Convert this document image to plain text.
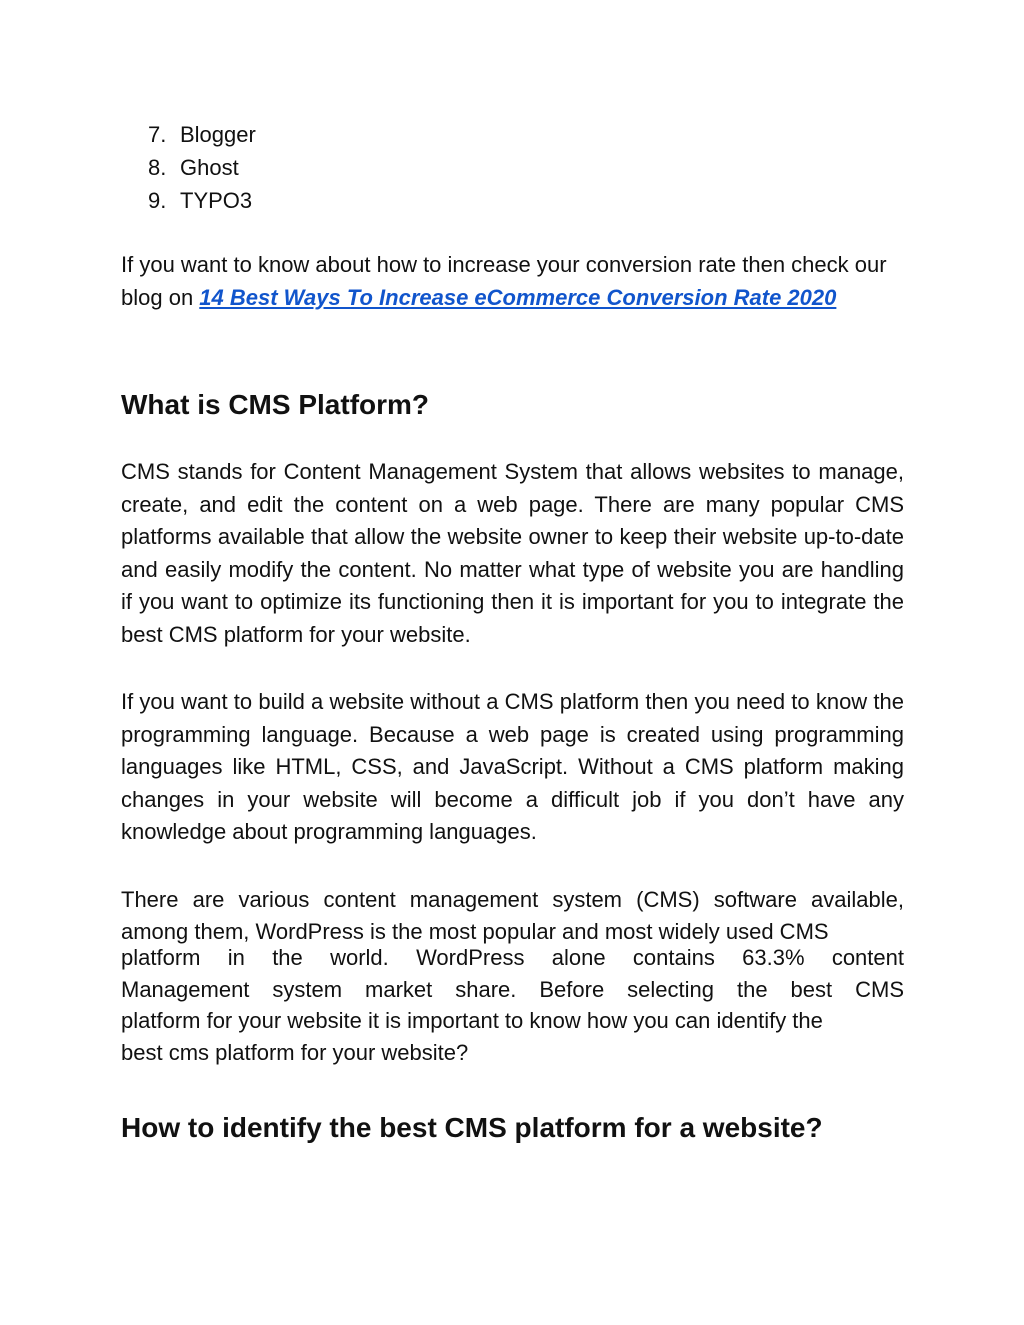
7. Blogger
8. Ghost
9. TYPO3

If you want to know about how to increase your conversion rate then check our blog on 14 Best Ways To Increase eCommerce Conversion Rate 2020

What is CMS Platform?

CMS stands for Content Management System that allows websites to manage, create, and edit the content on a web page. There are many popular CMS platforms available that allow the website owner to keep their website up-to-date and easily modify the content. No matter what type of website you are handling if you want to optimize its functioning then it is important for you to integrate the best CMS platform for your website.

If you want to build a website without a CMS platform then you need to know the programming language. Because a web page is created using programming languages like HTML, CSS, and JavaScript. Without a CMS platform making changes in your website will become a difficult job if you don’t have any knowledge about programming languages.

There are various content management system (CMS) software available,
among them, WordPress is the most popular and most widely used CMS
platform in the world. WordPress alone contains 63.3% content
Management system market share. Before selecting the best CMS
platform for your website it is important to know how you can identify the
best cms platform for your website?
How to identify the best CMS platform for a website?
